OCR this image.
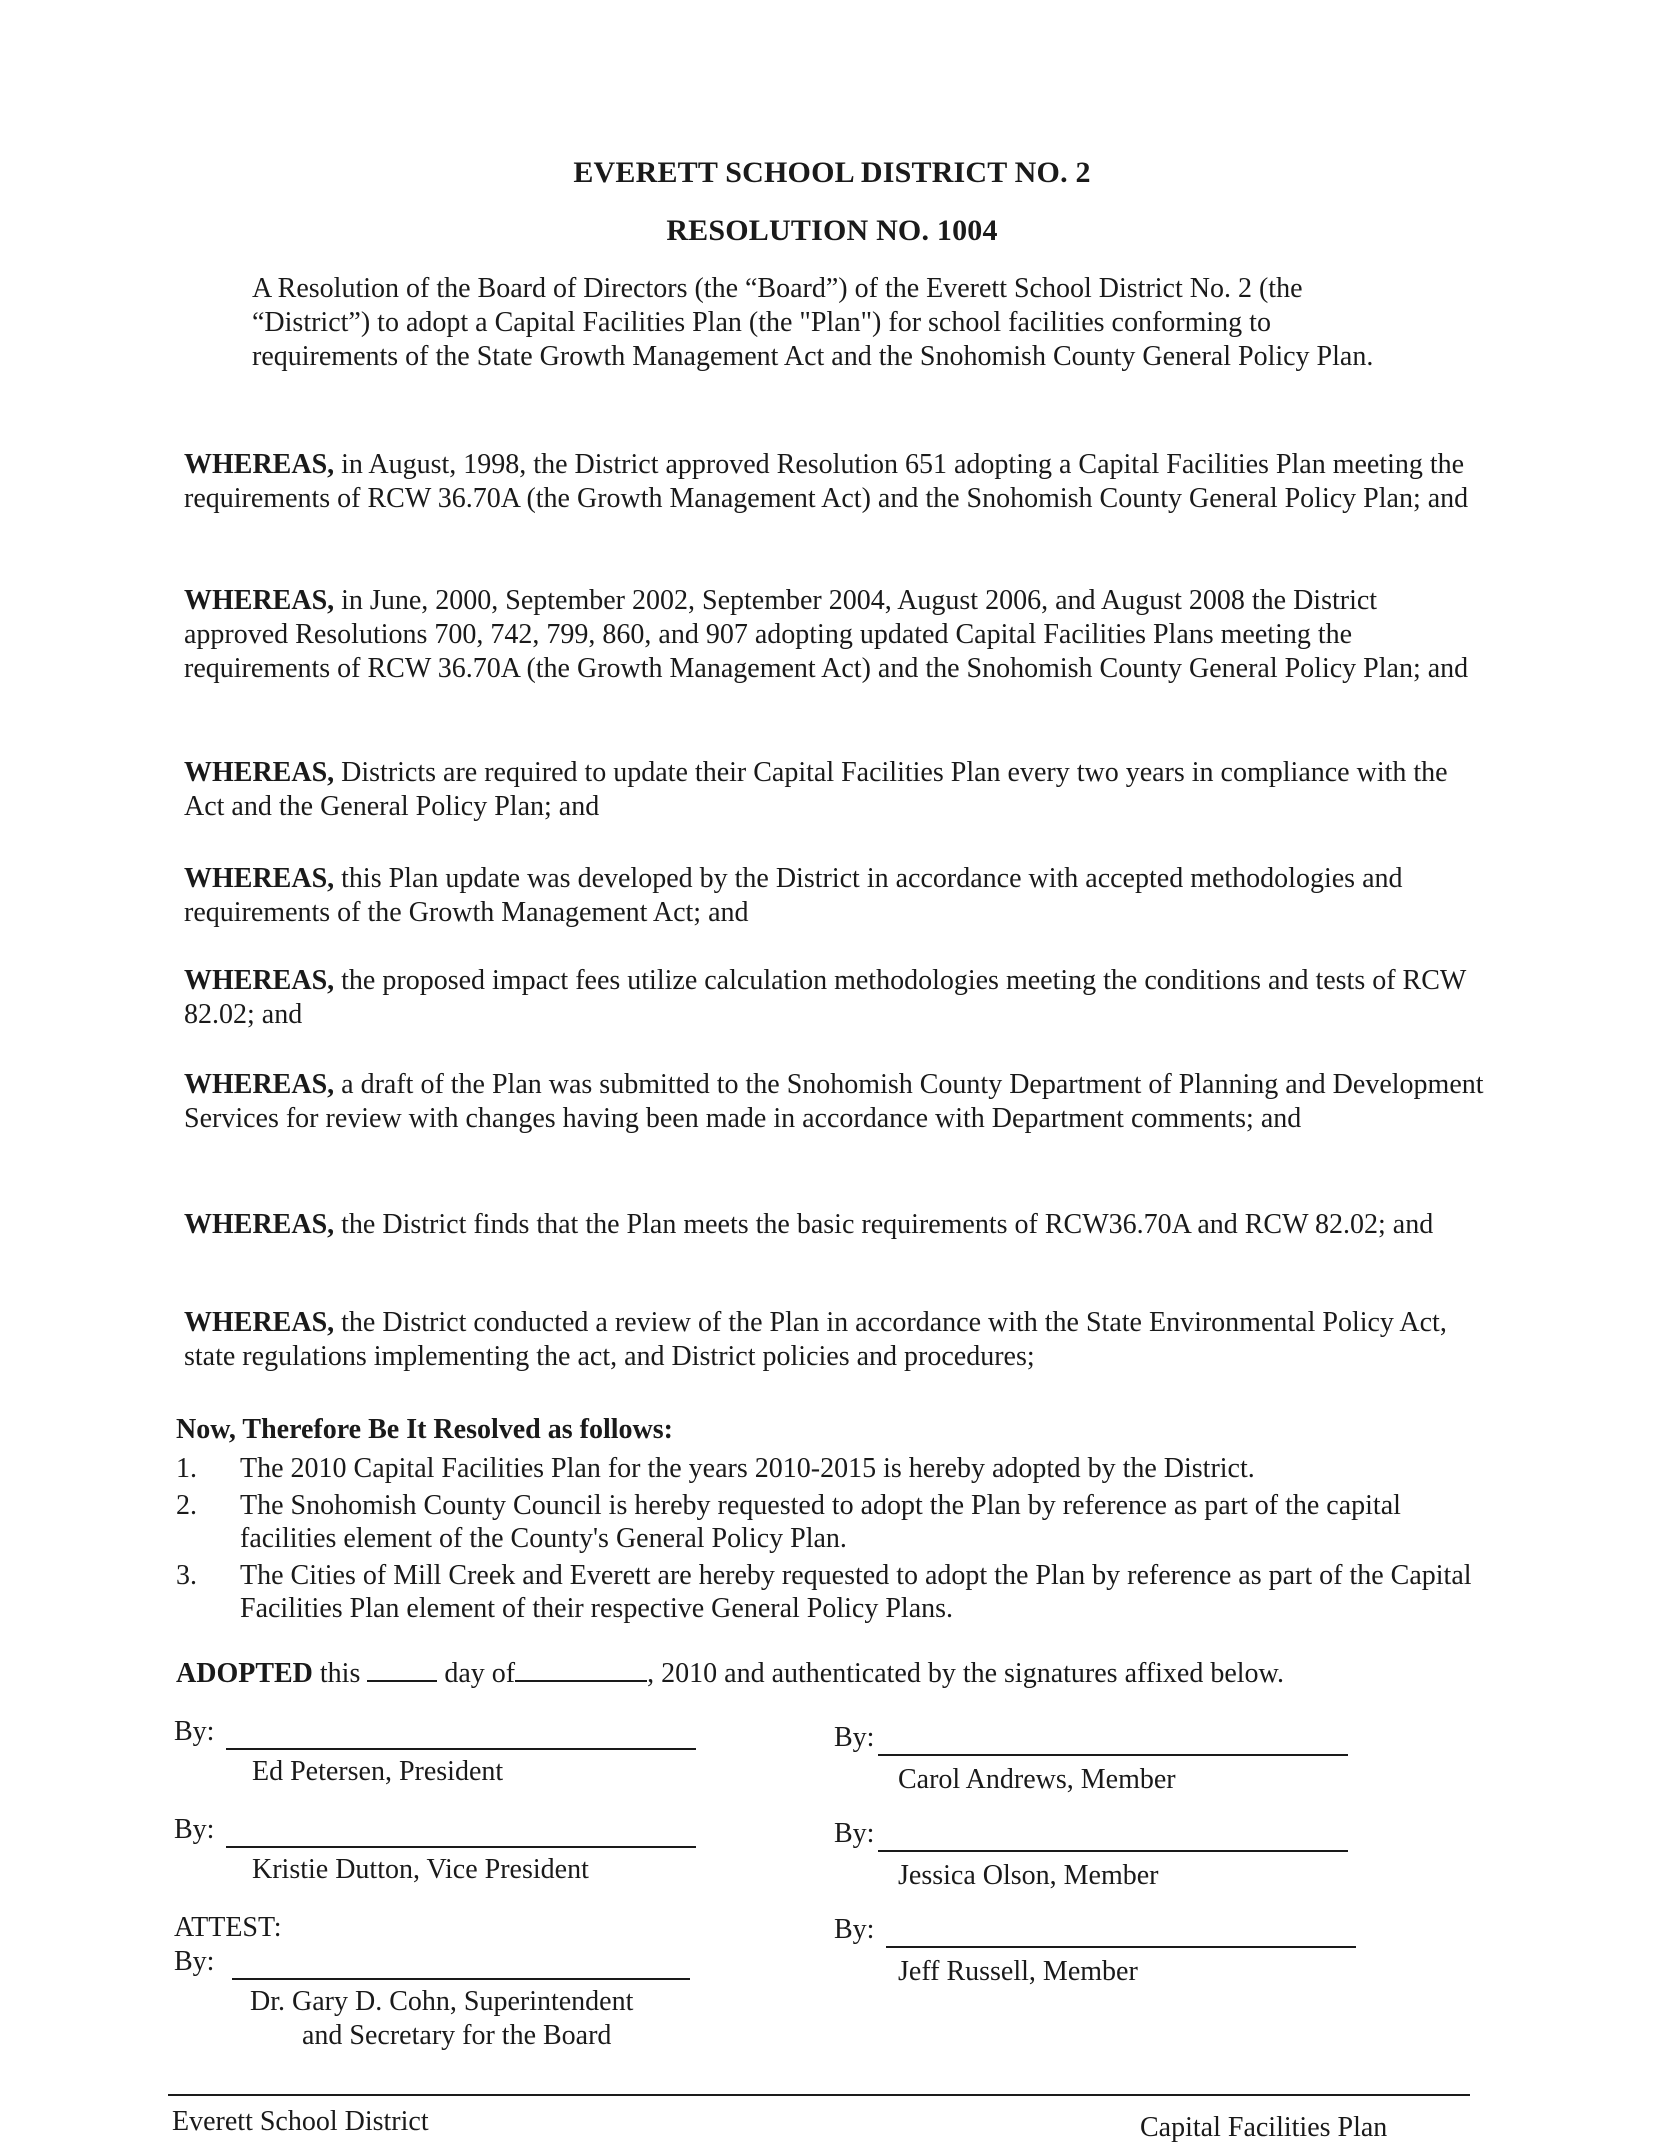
EVERETT SCHOOL DISTRICT NO. 2
RESOLUTION NO. 1004
A Resolution of the Board of Directors (the “Board”) of the Everett School District No. 2 (the “District”) to adopt a Capital Facilities Plan (the "Plan") for school facilities conforming to requirements of the State Growth Management Act and the Snohomish County General Policy Plan.
WHEREAS, in August, 1998, the District approved Resolution 651 adopting a Capital Facilities Plan meeting the requirements of RCW 36.70A (the Growth Management Act) and the Snohomish County General Policy Plan; and
WHEREAS, in June, 2000, September 2002, September 2004, August 2006, and August 2008 the District approved Resolutions 700, 742, 799, 860, and 907 adopting updated Capital Facilities Plans meeting the requirements of RCW 36.70A (the Growth Management Act) and the Snohomish County General Policy Plan; and
WHEREAS, Districts are required to update their Capital Facilities Plan every two years in compliance with the Act and the General Policy Plan; and
WHEREAS, this Plan update was developed by the District in accordance with accepted methodologies and requirements of the Growth Management Act; and
WHEREAS, the proposed impact fees utilize calculation methodologies meeting the conditions and tests of RCW 82.02; and
WHEREAS, a draft of the Plan was submitted to the Snohomish County Department of Planning and Development Services for review with changes having been made in accordance with Department comments; and
WHEREAS, the District finds that the Plan meets the basic requirements of RCW36.70A and RCW 82.02; and
WHEREAS, the District conducted a review of the Plan in accordance with the State Environmental Policy Act, state regulations implementing the act, and District policies and procedures;
Now, Therefore Be It Resolved as follows:
1. The 2010 Capital Facilities Plan for the years 2010-2015 is hereby adopted by the District.
2. The Snohomish County Council is hereby requested to adopt the Plan by reference as part of the capital facilities element of the County's General Policy Plan.
3. The Cities of Mill Creek and Everett are hereby requested to adopt the Plan by reference as part of the Capital Facilities Plan element of their respective General Policy Plans.
ADOPTED this	day of	, 2010 and authenticated by the signatures affixed below.
By:
Ed Petersen, President
By:
Kristie Dutton, Vice President
ATTEST:
By:
Dr. Gary D. Cohn, Superintendent
and Secretary for the Board
By:
Carol Andrews, Member
By:
Jessica Olson, Member
By:
Jeff Russell, Member
Everett School District	Capital Facilities Plan
